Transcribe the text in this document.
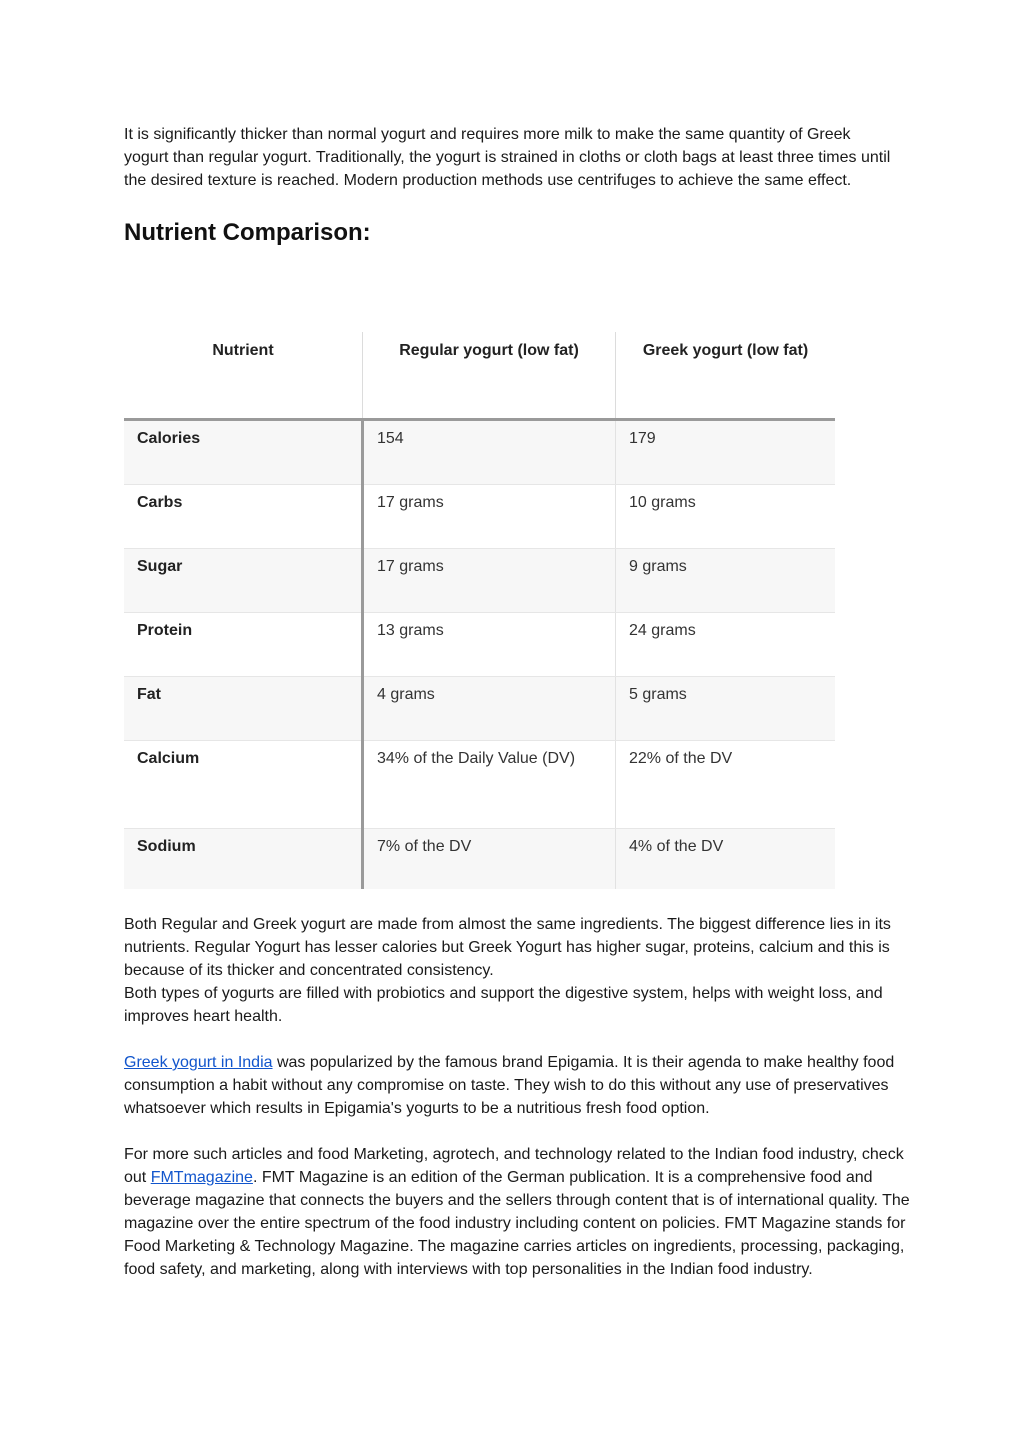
It is significantly thicker than normal yogurt and requires more milk to make the same quantity of Greek yogurt than regular yogurt. Traditionally, the yogurt is strained in cloths or cloth bags at least three times until the desired texture is reached. Modern production methods use centrifuges to achieve the same effect.

Nutrient Comparison:
Nutrient	Regular yogurt (low fat)	Greek yogurt (low fat)
Calories	154	179
Carbs	17 grams	10 grams
Sugar	17 grams	9 grams
Protein	13 grams	24 grams
Fat	4 grams	5 grams
Calcium	34% of the Daily Value (DV)	22% of the DV
Sodium	7% of the DV	4% of the DV

Both Regular and Greek yogurt are made from almost the same ingredients. The biggest difference lies in its nutrients. Regular Yogurt has lesser calories but Greek Yogurt has higher sugar, proteins, calcium and this is because of its thicker and concentrated consistency.

Both types of yogurts are filled with probiotics and support the digestive system, helps with weight loss, and improves heart health.

Greek yogurt in India was popularized by the famous brand Epigamia. It is their agenda to make healthy food consumption a habit without any compromise on taste. They wish to do this without any use of preservatives whatsoever which results in Epigamia's yogurts to be a nutritious fresh food option.

For more such articles and food Marketing, agrotech, and technology related to the Indian food industry, check out FMTmagazine. FMT Magazine is an edition of the German publication. It is a comprehensive food and beverage magazine that connects the buyers and the sellers through content that is of international quality. The magazine over the entire spectrum of the food industry including content on policies. FMT Magazine stands for Food Marketing & Technology Magazine. The magazine carries articles on ingredients, processing, packaging, food safety, and marketing, along with interviews with top personalities in the Indian food industry.
